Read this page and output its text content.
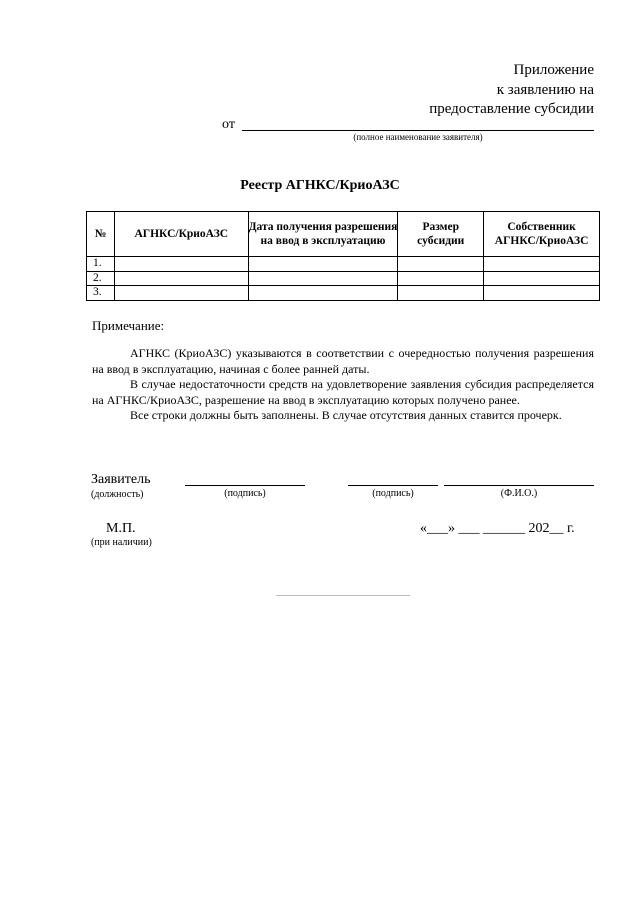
Приложение
к заявлению на
предоставление субсидии
от
(полное наименование заявителя)
Реестр АГНКС/КриоАЗС
№	АГНКС/КриоАЗС	Дата получения разрешения на ввод в эксплуатацию	Размер субсидии	Собственник АГНКС/КриоАЗС
1.				
2.				
3.				
Примечание:

АГНКС (КриоАЗС) указываются в соответствии с очередностью получения разрешения на ввод в эксплуатацию, начиная с более ранней даты.

В случае недостаточности средств на удовлетворение заявления субсидия распределяется на АГНКС/КриоАЗС, разрешение на ввод в эксплуатацию которых получено ранее.

Все строки должны быть заполнены. В случае отсутствия данных ставится прочерк.

Заявитель
(должность)	(подпись)	(подпись)	(Ф.И.О.)
М.П.
(при наличии)
«___» ___ ______ 202__ г.
